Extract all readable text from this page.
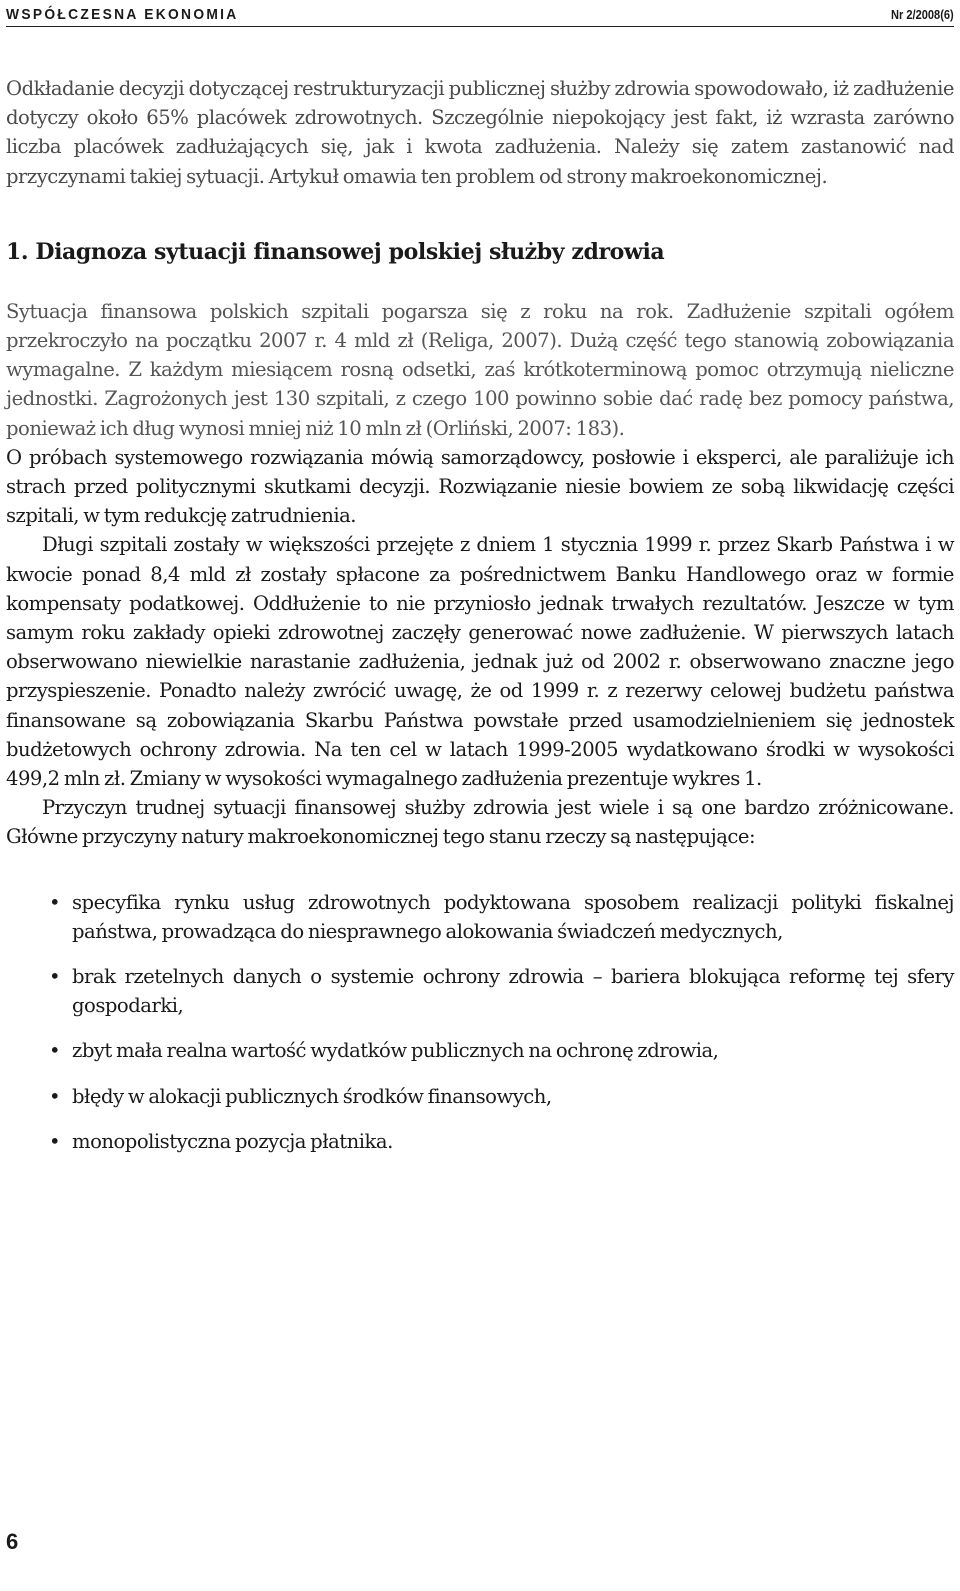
WSPÓŁCZESNA EKONOMIA	Nr 2/2008(6)

Odkładanie decyzji dotyczącej restrukturyzacji publicznej służby zdrowia spowodowało, iż zadłużenie dotyczy około 65% placówek zdrowotnych. Szczególnie niepokojący jest fakt, iż wzrasta zarówno liczba placówek zadłużających się, jak i kwota zadłużenia. Należy się zatem zastanowić nad przyczynami takiej sytuacji. Artykuł omawia ten problem od strony makroekonomicznej.

1. Diagnoza sytuacji finansowej polskiej służby zdrowia

Sytuacja finansowa polskich szpitali pogarsza się z roku na rok. Zadłużenie szpitali ogółem przekroczyło na początku 2007 r. 4 mld zł (Religa, 2007). Dużą część tego stanowią zobowiązania wymagalne. Z każdym miesiącem rosną odsetki, zaś krótkoterminową pomoc otrzymują nieliczne jednostki. Zagrożonych jest 130 szpitali, z czego 100 powinno sobie dać radę bez pomocy państwa, ponieważ ich dług wynosi mniej niż 10 mln zł (Orliński, 2007: 183).

O próbach systemowego rozwiązania mówią samorządowcy, posłowie i eksperci, ale paraliżuje ich strach przed politycznymi skutkami decyzji. Rozwiązanie niesie bowiem ze sobą likwidację części szpitali, w tym redukcję zatrudnienia.

Długi szpitali zostały w większości przejęte z dniem 1 stycznia 1999 r. przez Skarb Państwa i w kwocie ponad 8,4 mld zł zostały spłacone za pośrednictwem Banku Handlowego oraz w formie kompensaty podatkowej. Oddłużenie to nie przyniosło jednak trwałych rezultatów. Jeszcze w tym samym roku zakłady opieki zdrowotnej zaczęły generować nowe zadłużenie. W pierwszych latach obserwowano niewielkie narastanie zadłużenia, jednak już od 2002 r. obserwowano znaczne jego przyspieszenie. Ponadto należy zwrócić uwagę, że od 1999 r. z rezerwy celowej budżetu państwa finansowane są zobowiązania Skarbu Państwa powstałe przed usamodzielnieniem się jednostek budżetowych ochrony zdrowia. Na ten cel w latach 1999-2005 wydatkowano środki w wysokości 499,2 mln zł. Zmiany w wysokości wymagalnego zadłużenia prezentuje wykres 1.

Przyczyn trudnej sytuacji finansowej służby zdrowia jest wiele i są one bardzo zróżnicowane. Główne przyczyny natury makroekonomicznej tego stanu rzeczy są następujące:

• specyfika rynku usług zdrowotnych podyktowana sposobem realizacji polityki fiskalnej państwa, prowadząca do niesprawnego alokowania świadczeń medycznych,
• brak rzetelnych danych o systemie ochrony zdrowia – bariera blokująca reformę tej sfery gospodarki,
• zbyt mała realna wartość wydatków publicznych na ochronę zdrowia,
• błędy w alokacji publicznych środków finansowych,
• monopolistyczna pozycja płatnika.
6
